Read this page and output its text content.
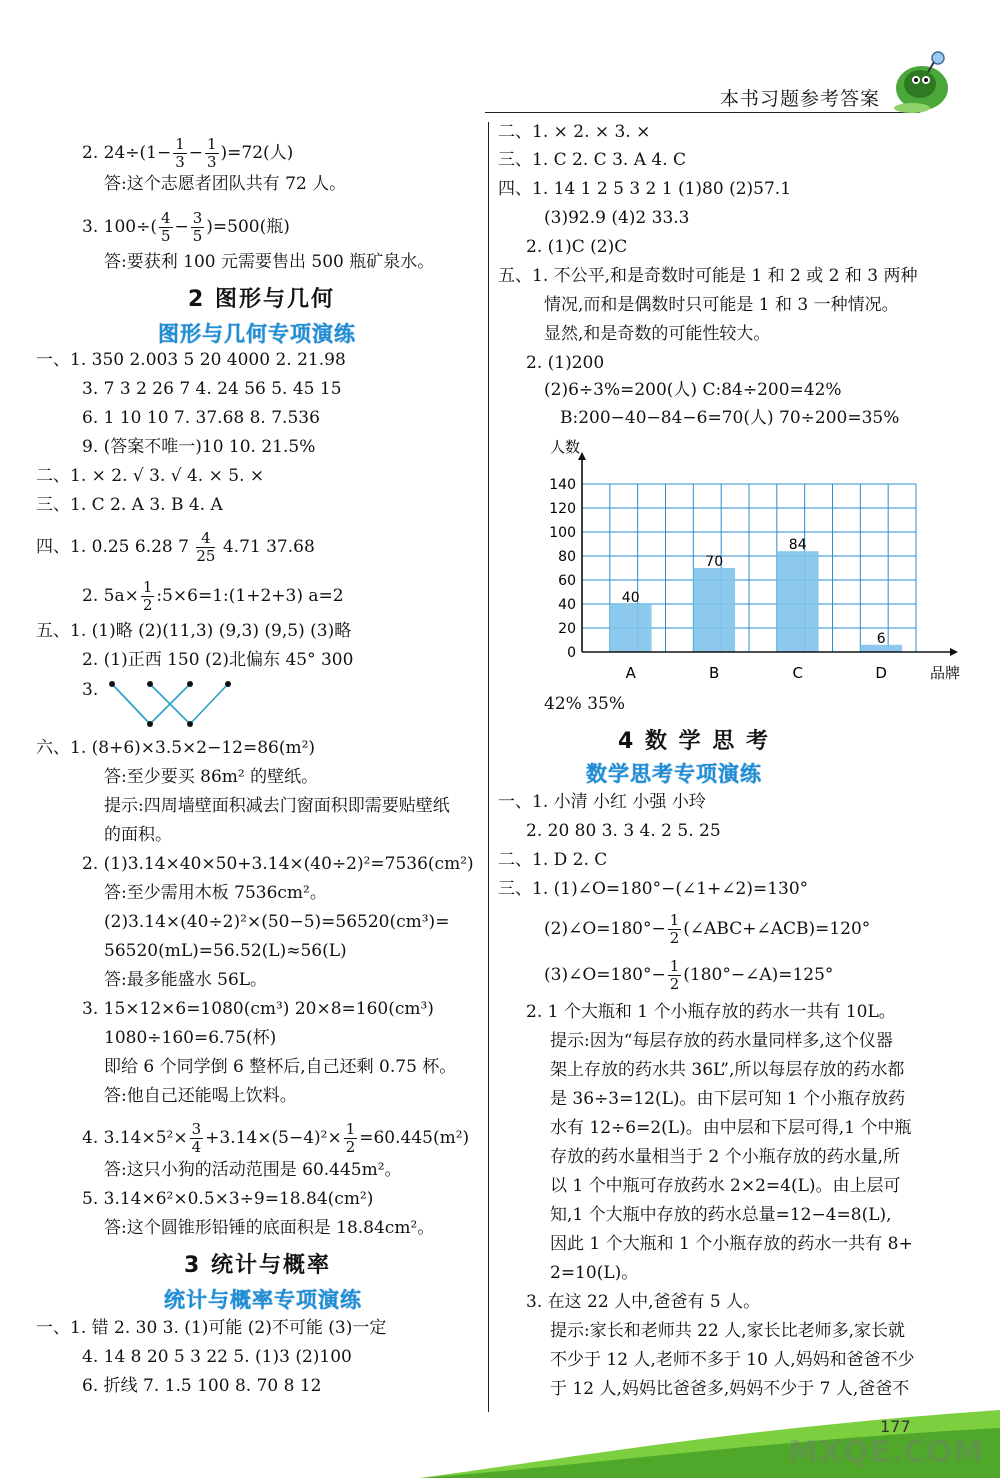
本书习题参考答案
2. $24\div(1- \frac{1}{3} - \frac{1}{3} )=72$(人)
答:这个志愿者团队共有 72 人。
3. $100\div( \frac{4}{5} - \frac{3}{5} )=500$(瓶)
答:要获利 100 元需要售出 500 瓶矿泉水。
2 图形与几何
图形与几何专项演练
一、1. 350 2.003 5 20 4000 2. 21.98
3. 7 3 2 26 7 4. 24 56 5. 45 15
6. 1 10 10 7. 37.68 8. 7.536
9. (答案不唯一)10 10. 21.5%
二、1. × 2. √ 3. √ 4. × 5. ×
三、1. C 2. A 3. B 4. A
四、1. 0.25 6.28 $7 \frac{4}{25} 4.71$ 37.68
2. $5a\times \frac{1}{2}$ :5×6=1:(1+2+3) a=2
五、1. (1)略 (2)(11,3) (9,3) (9,5) (3)略
2. (1)正西 150 (2)北偏东 45° 300
3.
六、1. (8+6)×3.5×2−12=86(m²)
答:至少要买 86m² 的壁纸。
提示:四周墙壁面积减去门窗面积即需要贴壁纸
的面积。
2. (1)3.14×40×50+3.14×(40÷2)²=7536(cm²)
答:至少需用木板 7536cm²。
(2)3.14×(40÷2)²×(50−5)=56520(cm³)=
56520(mL)=56.52(L)≈56(L)
答:最多能盛水 56L。
3. 15×12×6=1080(cm³) 20×8=160(cm³)
1080÷160=6.75(杯)
即给 6 个同学倒 6 整杯后,自己还剩 0.75 杯。
答:他自己还能喝上饮料。
4. $3.14\times 5^2\times \frac{3}{4} +3.14\times(5-4)^2\times \frac{1}{2} =60.445(m^2)$
答:这只小狗的活动范围是 60.445m²。
5. 3.14×6²×0.5×3÷9=18.84(cm²)
答:这个圆锥形铅锤的底面积是 18.84cm²。
3 统计与概率
统计与概率专项演练
一、1. 错 2. 30 3. (1)可能 (2)不可能 (3)一定
4. 14 8 20 5 3 22 5. (1)3 (2)100
6. 折线 7. 1.5 100 8. 70 8 12
二、1. × 2. × 3. ×
三、1. C 2. C 3. A 4. C
四、1. 14 1 2 5 3 2 1 (1)80 (2)57.1
(3)92.9 (4)2 33.3
2. (1)C (2)C
五、1. 不公平,和是奇数时可能是 1 和 2 或 2 和 3 两种
情况,而和是偶数时只可能是 1 和 3 一种情况。
显然,和是奇数的可能性较大。
2. (1)200
(2)6÷3%=200(人) C:84÷200=42%
B:200−40−84−6=70(人) 70÷200=35%
人数
品牌
0
20
40
60
80
100
120
140
40
A
70
B
84
C
6
D
42% 35%
4 数 学 思 考
数学思考专项演练
一、1. 小清 小红 小强 小玲
2. 20 80 3. 3 4. 2 5. 25
二、1. D 2. C
三、1. (1)∠O=180°−(∠1+∠2)=130°
(2)∠O=180°− $\frac{1}{2}$ (∠ABC+∠ACB)=120°
(3)∠O=180°− $\frac{1}{2}$ (180°−∠A)=125°
2. 1 个大瓶和 1 个小瓶存放的药水一共有 10L。
提示:因为“每层存放的药水量同样多,这个仪器
架上存放的药水共 36L”,所以每层存放的药水都
是 36÷3=12(L)。由下层可知 1 个小瓶存放药
水有 12÷6=2(L)。由中层和下层可得,1 个中瓶
存放的药水量相当于 2 个小瓶存放的药水量,所
以 1 个中瓶可存放药水 2×2=4(L)。由上层可
知,1 个大瓶中存放的药水总量=12−4=8(L),
因此 1 个大瓶和 1 个小瓶存放的药水一共有 8+
2=10(L)。
3. 在这 22 人中,爸爸有 5 人。
提示:家长和老师共 22 人,家长比老师多,家长就
不少于 12 人,老师不多于 10 人,妈妈和爸爸不少
于 12 人,妈妈比爸爸多,妈妈不少于 7 人,爸爸不
177
MXQE.COM
